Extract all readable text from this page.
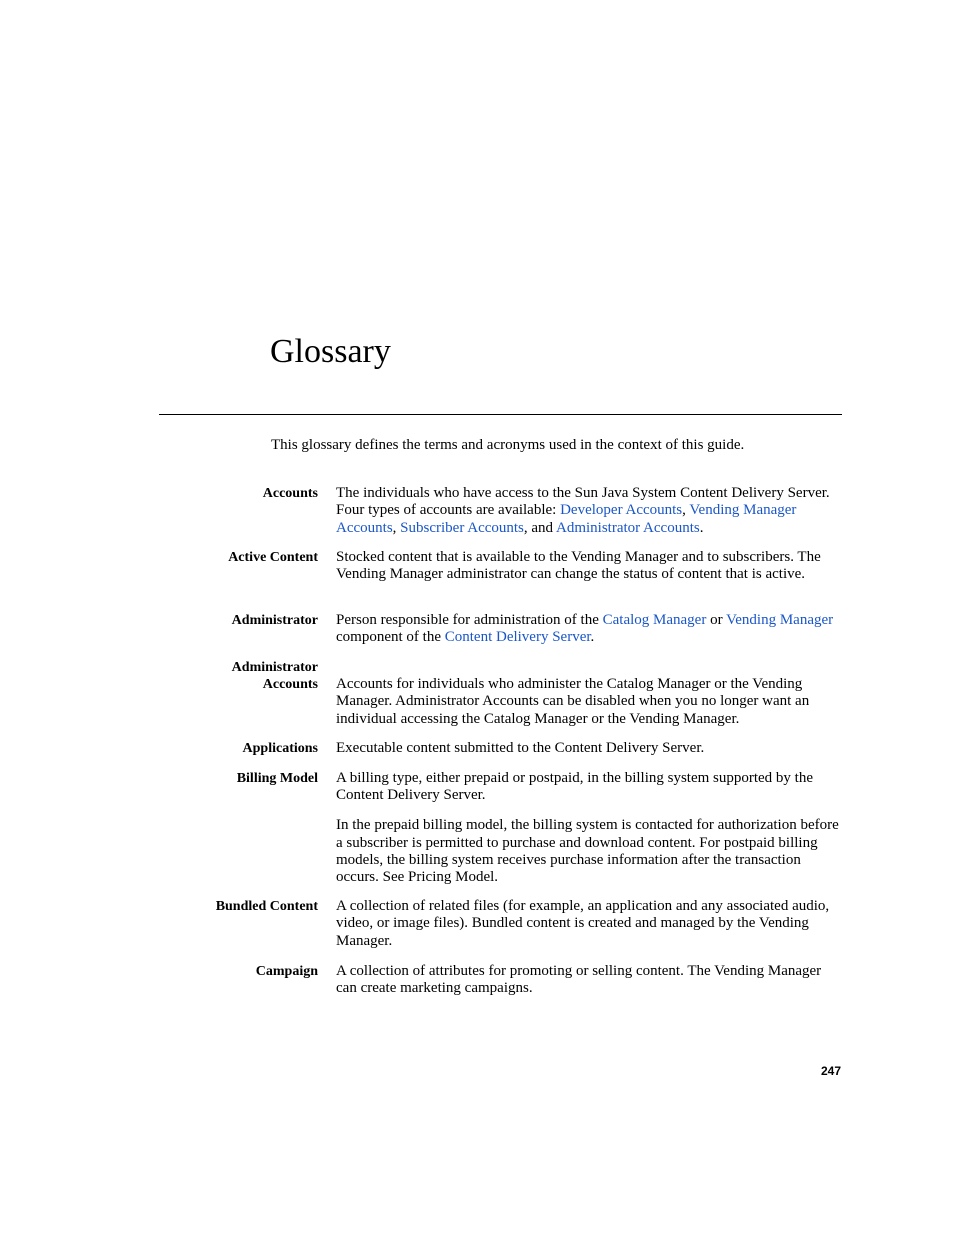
Glossary
This glossary defines the terms and acronyms used in the context of this guide.
Accounts The individuals who have access to the Sun Java System Content Delivery Server. Four types of accounts are available: Developer Accounts, Vending Manager Accounts, Subscriber Accounts, and Administrator Accounts.
Active Content Stocked content that is available to the Vending Manager and to subscribers. The Vending Manager administrator can change the status of content that is active.
Administrator Person responsible for administration of the Catalog Manager or Vending Manager component of the Content Delivery Server.
Administrator
Accounts Accounts for individuals who administer the Catalog Manager or the Vending Manager. Administrator Accounts can be disabled when you no longer want an individual accessing the Catalog Manager or the Vending Manager.
Applications Executable content submitted to the Content Delivery Server.
Billing Model A billing type, either prepaid or postpaid, in the billing system supported by the Content Delivery Server.

In the prepaid billing model, the billing system is contacted for authorization before a subscriber is permitted to purchase and download content. For postpaid billing models, the billing system receives purchase information after the transaction occurs. See Pricing Model.

Bundled Content A collection of related files (for example, an application and any associated audio, video, or image files). Bundled content is created and managed by the Vending Manager.
Campaign A collection of attributes for promoting or selling content. The Vending Manager can create marketing campaigns.
247
